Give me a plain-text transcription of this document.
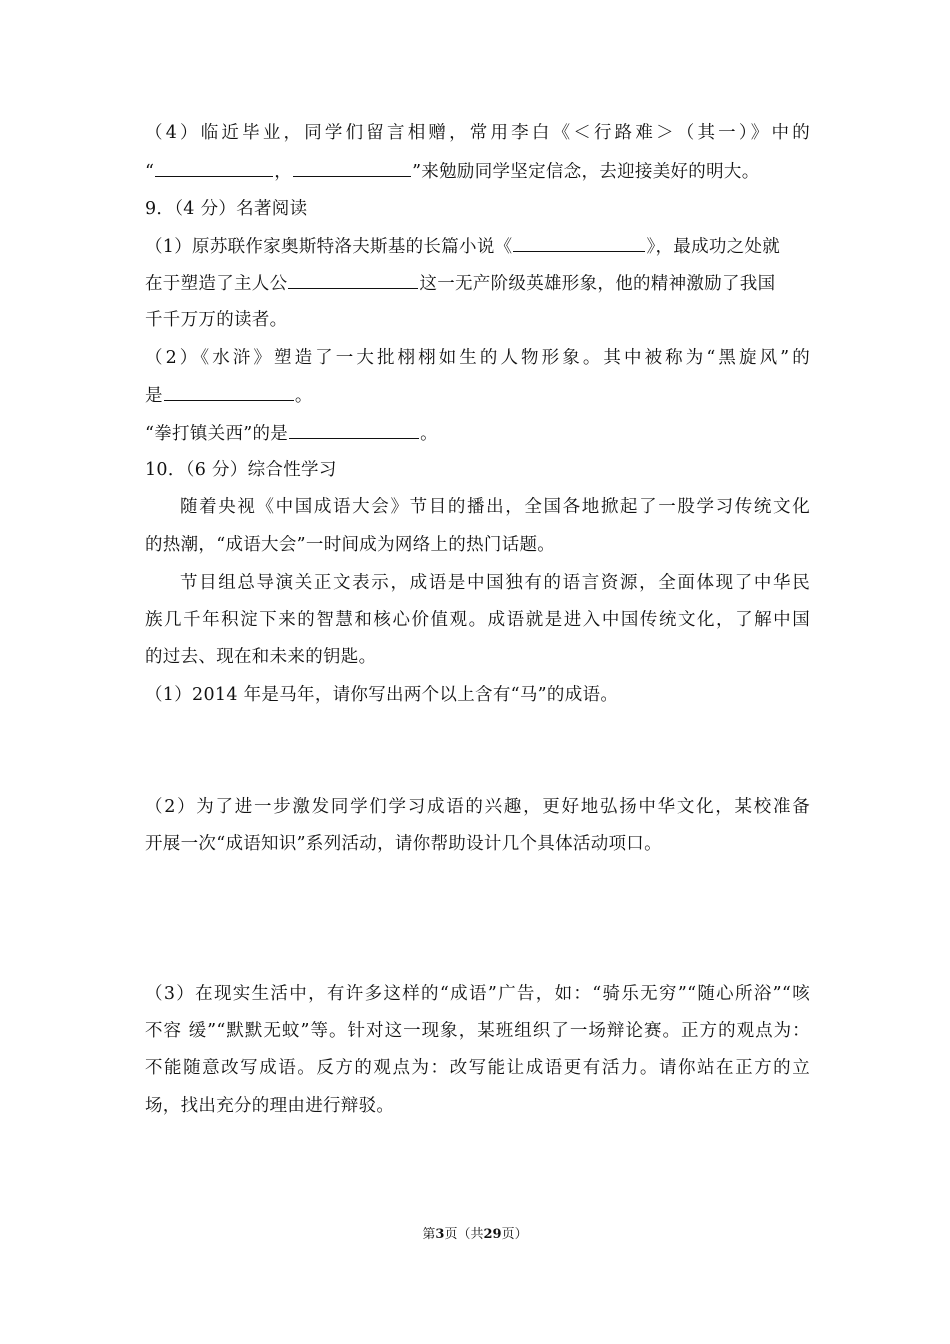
（4）临近毕业，同学们留言相赠，常用李白《＜行路难＞（其一）》中的
“	，	”来勉励同学坚定信念，去迎接美好的明大。
9．（4 分）名著阅读
（1）原苏联作家奥斯特洛夫斯基的长篇小说《	》，最成功之处就
在于塑造了主人公	这一无产阶级英雄形象，他的精神激励了我国
千千万万的读者。
（2）《水浒》塑造了一大批栩栩如生的人物形象。其中被称为“黑旋风”的
是	。
“拳打镇关西”的是	。
10．（6 分）综合性学习
随着央视《中国成语大会》节目的播出，全国各地掀起了一股学习传统文化
的热潮，“成语大会”一时间成为网络上的热门话题。
节目组总导演关正文表示，成语是中国独有的语言资源，全面体现了中华民
族几千年积淀下来的智慧和核心价值观。成语就是进入中国传统文化，了解中国
的过去、现在和未来的钥匙。
（1）2014 年是马年，请你写出两个以上含有“马”的成语。
（2）为了进一步激发同学们学习成语的兴趣，更好地弘扬中华文化，某校准备
开展一次“成语知识”系列活动，请你帮助设计几个具体活动项口。
（3）在现实生活中，有许多这样的“成语”广告，如：“骑乐无穷”“随心所浴”“咳
不容 缓”“默默无蚊”等。针对这一现象，某班组织了一场辩论赛。正方的观点为：
不能随意改写成语。反方的观点为：改写能让成语更有活力。请你站在正方的立
场，找出充分的理由进行辩驳。
第3页（共29页）
